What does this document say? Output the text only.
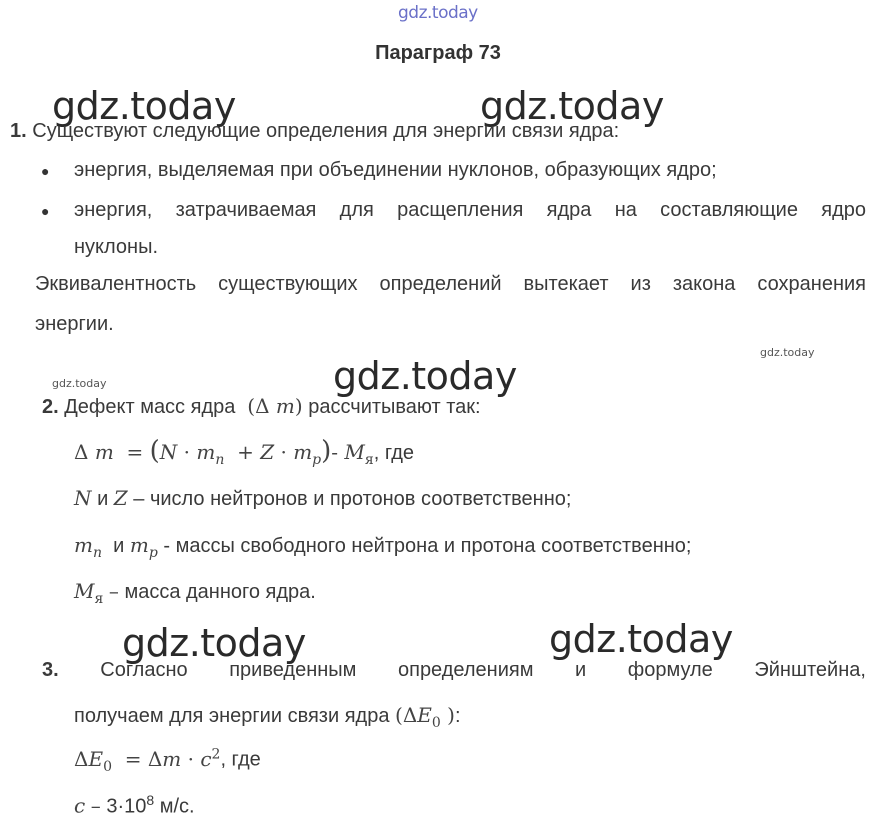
gdz.today
gdz.today	gdz.today
gdz.today
gdz.today	gdz.today
gdz.today
gdz.today
Параграф 73
1. Существуют следующие определения для энергии связи ядра:
● энергия, выделяемая при объединении нуклонов, образующих ядро;
● энергия, затрачиваемая для расщепления ядра на составляющие ядро
нуклоны.
Эквивалентность существующих определений вытекает из закона сохранения
энергии.
2. Дефект масс ядра  (Δ m) рассчитывают так:
Δ $m = (N \cdot m_n + Z \cdot m_p)-$ $M_я$, где
N и Z – число нейтронов и протонов соответственно;
$m_n$ и $m_p$ - массы свободного нейтрона и протона соответственно;
$M_я$ – масса данного ядра.
3. Согласно приведенным определениям и формуле Эйнштейна,
получаем для энергии связи ядра ($\Delta E_0$ ):
$\Delta E_0 = \Delta m \cdot c^2$, где
$c - 3\cdot 10^8$ м/с.
